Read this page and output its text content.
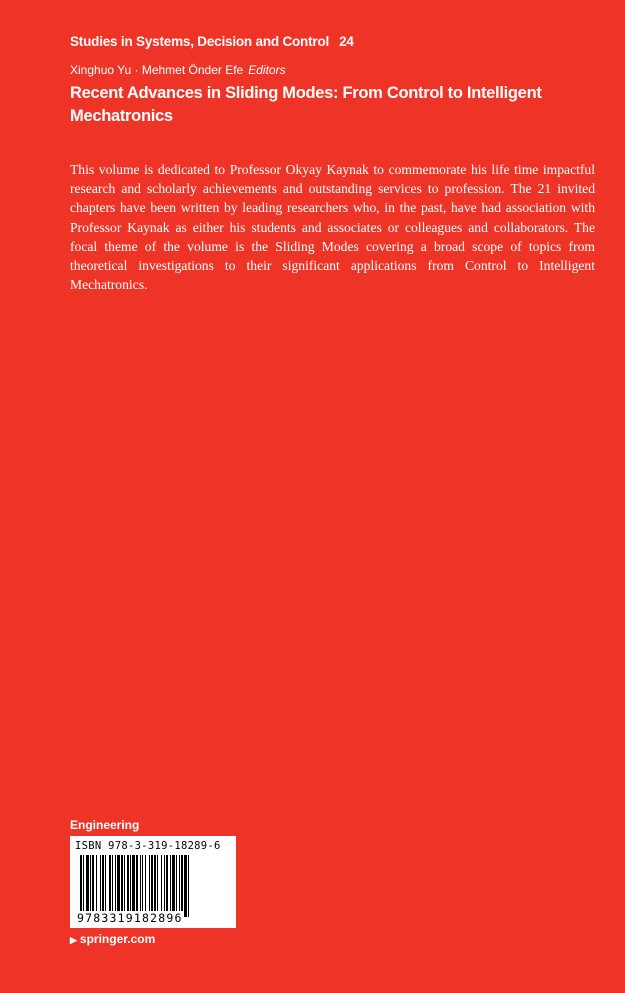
Studies in Systems, Decision and Control 24
Xinghuo Yu · Mehmet Önder Efe Editors
Recent Advances in Sliding Modes: From Control to Intelligent Mechatronics
This volume is dedicated to Professor Okyay Kaynak to commemorate his life time impactful research and scholarly achievements and outstanding services to profession. The 21 invited chapters have been written by leading researchers who, in the past, have had association with Professor Kaynak as either his students and associates or colleagues and collaborators. The focal theme of the volume is the Sliding Modes covering a broad scope of topics from theoretical investigations to their significant applications from Control to Intelligent Mechatronics.
Engineering
ISBN 978-3-319-18289-6
9783319182896
▶ springer.com
